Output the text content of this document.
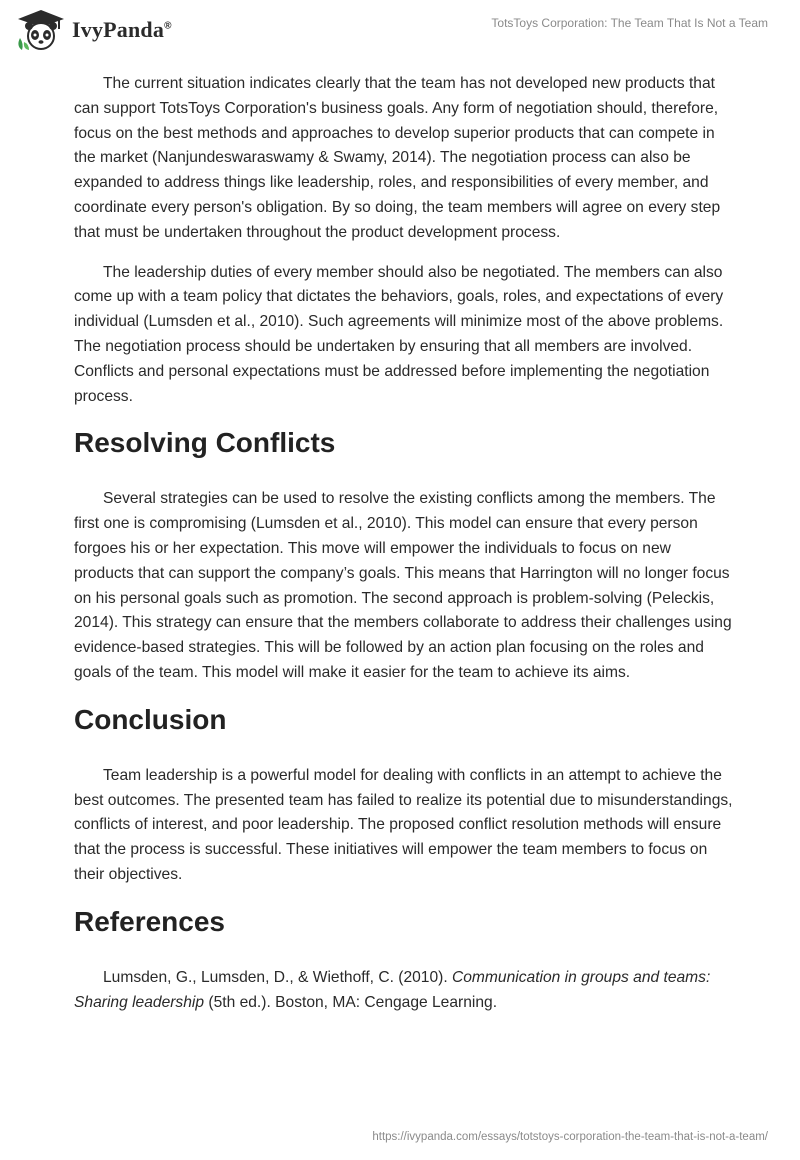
IvyPanda®	TotsToys Corporation: The Team That Is Not a Team

The current situation indicates clearly that the team has not developed new products that can support TotsToys Corporation's business goals. Any form of negotiation should, therefore, focus on the best methods and approaches to develop superior products that can compete in the market (Nanjundeswaraswamy & Swamy, 2014). The negotiation process can also be expanded to address things like leadership, roles, and responsibilities of every member, and coordinate every person's obligation. By so doing, the team members will agree on every step that must be undertaken throughout the product development process.

The leadership duties of every member should also be negotiated. The members can also come up with a team policy that dictates the behaviors, goals, roles, and expectations of every individual (Lumsden et al., 2010). Such agreements will minimize most of the above problems. The negotiation process should be undertaken by ensuring that all members are involved. Conflicts and personal expectations must be addressed before implementing the negotiation process.

Resolving Conflicts

Several strategies can be used to resolve the existing conflicts among the members. The first one is compromising (Lumsden et al., 2010). This model can ensure that every person forgoes his or her expectation. This move will empower the individuals to focus on new products that can support the company’s goals. This means that Harrington will no longer focus on his personal goals such as promotion. The second approach is problem-solving (Peleckis, 2014). This strategy can ensure that the members collaborate to address their challenges using evidence-based strategies. This will be followed by an action plan focusing on the roles and goals of the team. This model will make it easier for the team to achieve its aims.

Conclusion

Team leadership is a powerful model for dealing with conflicts in an attempt to achieve the best outcomes. The presented team has failed to realize its potential due to misunderstandings, conflicts of interest, and poor leadership. The proposed conflict resolution methods will ensure that the process is successful. These initiatives will empower the team members to focus on their objectives.

References

Lumsden, G., Lumsden, D., & Wiethoff, C. (2010). Communication in groups and teams: Sharing leadership (5th ed.). Boston, MA: Cengage Learning.

https://ivypanda.com/essays/totstoys-corporation-the-team-that-is-not-a-team/
